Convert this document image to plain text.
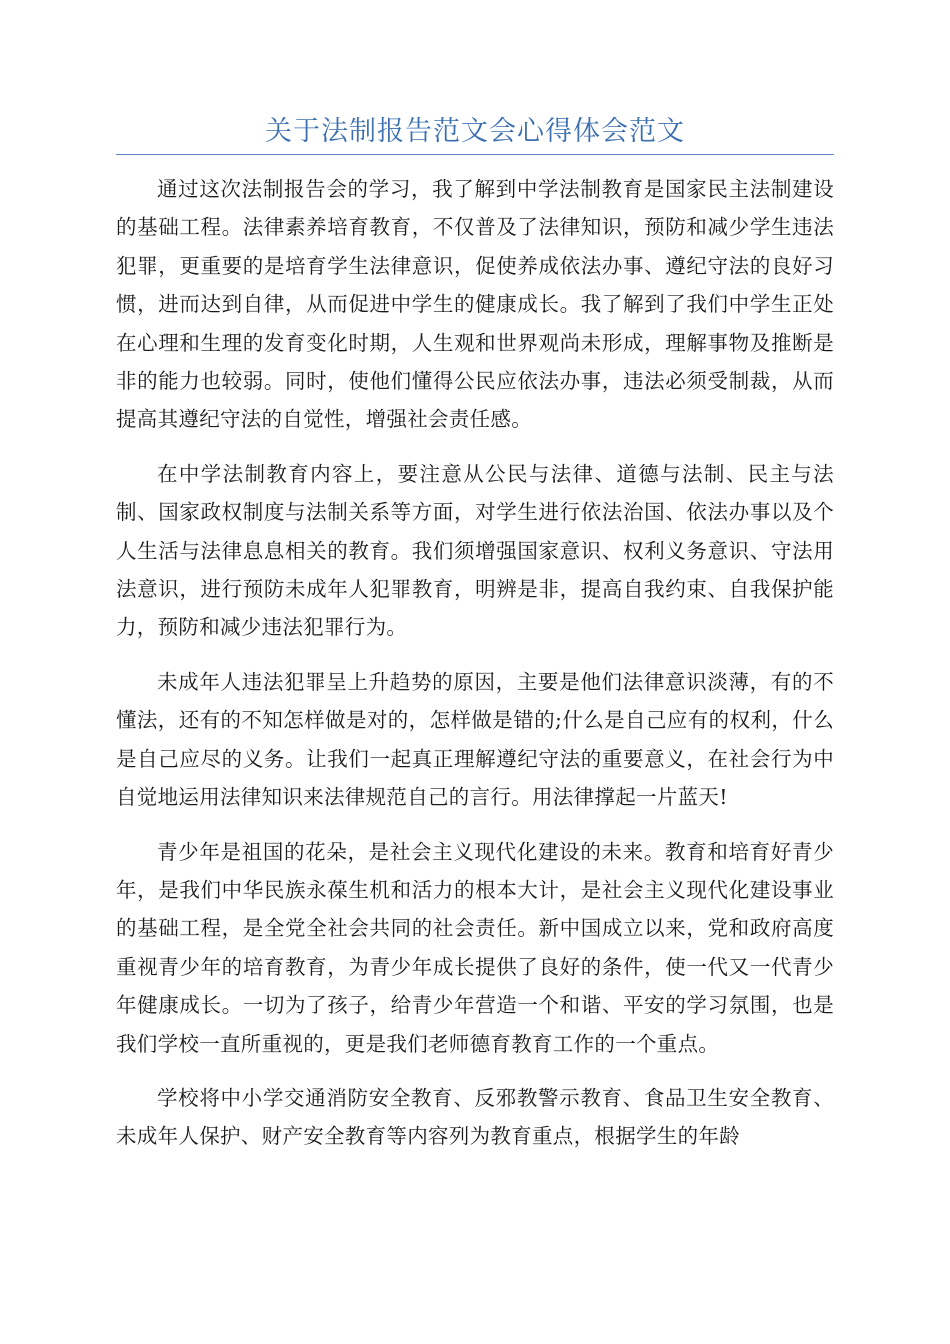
关于法制报告范文会心得体会范文

通过这次法制报告会的学习，我了解到中学法制教育是国家民主法制建设的基础工程。法律素养培育教育，不仅普及了法律知识，预防和减少学生违法犯罪，更重要的是培育学生法律意识，促使养成依法办事、遵纪守法的良好习惯，进而达到自律，从而促进中学生的健康成长。我了解到了我们中学生正处在心理和生理的发育变化时期，人生观和世界观尚未形成，理解事物及推断是非的能力也较弱。同时，使他们懂得公民应依法办事，违法必须受制裁，从而提高其遵纪守法的自觉性，增强社会责任感。

在中学法制教育内容上，要注意从公民与法律、道德与法制、民主与法制、国家政权制度与法制关系等方面，对学生进行依法治国、依法办事以及个人生活与法律息息相关的教育。我们须增强国家意识、权利义务意识、守法用法意识，进行预防未成年人犯罪教育，明辨是非，提高自我约束、自我保护能力，预防和减少违法犯罪行为。

未成年人违法犯罪呈上升趋势的原因，主要是他们法律意识淡薄，有的不懂法，还有的不知怎样做是对的，怎样做是错的;什么是自己应有的权利，什么是自己应尽的义务。让我们一起真正理解遵纪守法的重要意义，在社会行为中自觉地运用法律知识来法律规范自己的言行。用法律撑起一片蓝天!

青少年是祖国的花朵，是社会主义现代化建设的未来。教育和培育好青少年，是我们中华民族永葆生机和活力的根本大计，是社会主义现代化建设事业的基础工程，是全党全社会共同的社会责任。新中国成立以来，党和政府高度重视青少年的培育教育，为青少年成长提供了良好的条件，使一代又一代青少年健康成长。一切为了孩子，给青少年营造一个和谐、平安的学习氛围，也是我们学校一直所重视的，更是我们老师德育教育工作的一个重点。

学校将中小学交通消防安全教育、反邪教警示教育、食品卫生安全教育、未成年人保护、财产安全教育等内容列为教育重点，根据学生的年龄
